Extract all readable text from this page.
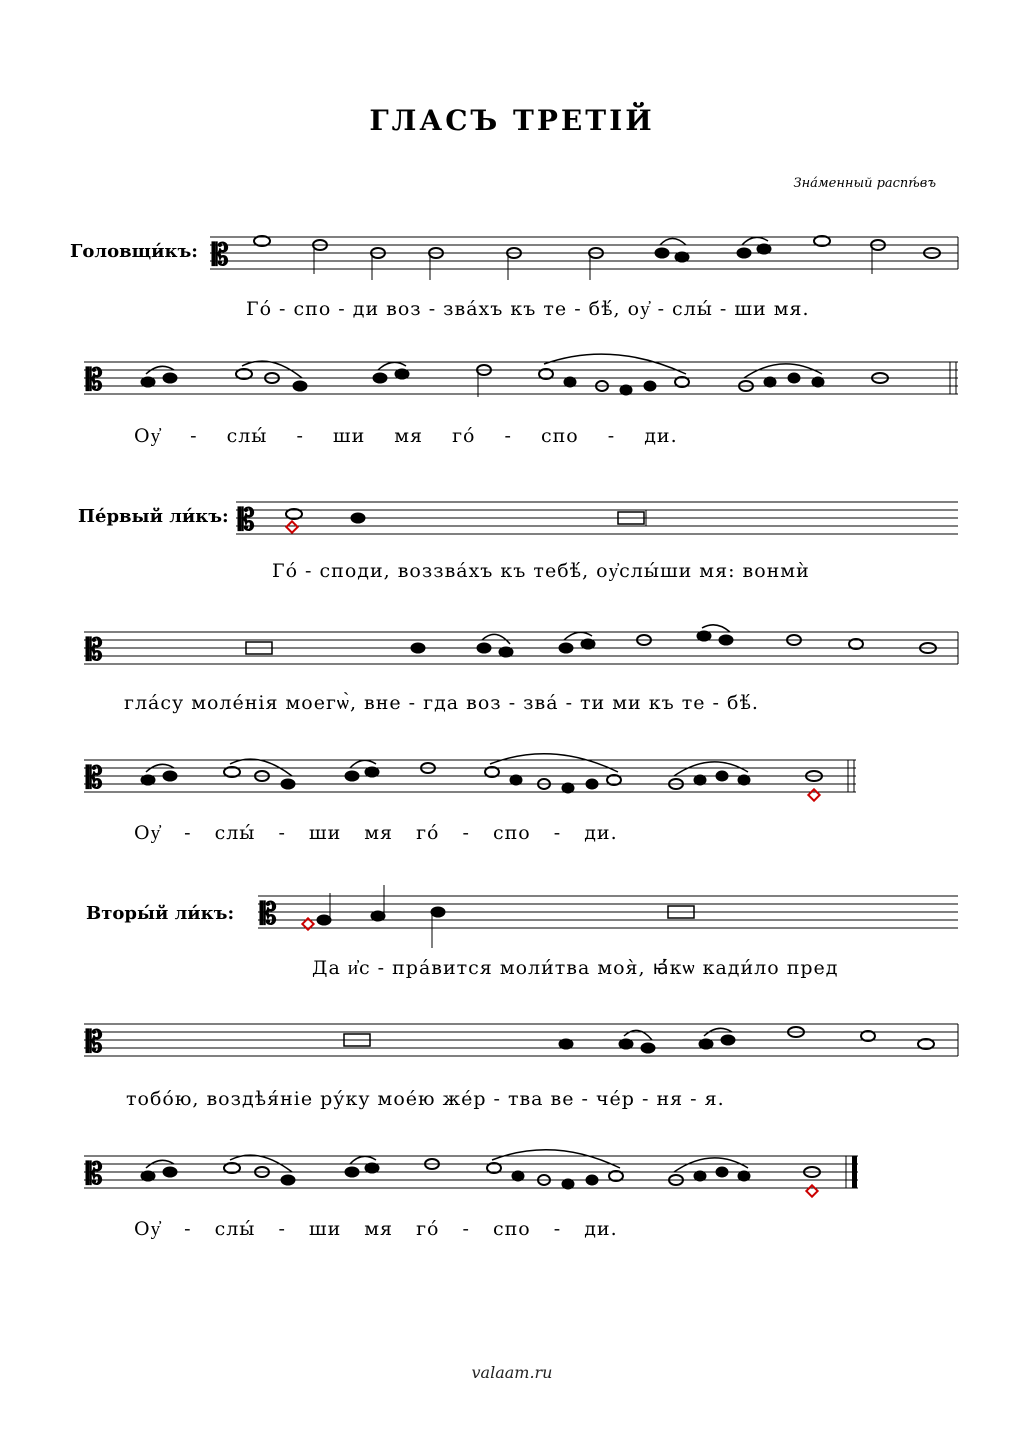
ГЛАСЪ ТРЕТІЙ
Зна́менный распѣ́въ
Головщи́къ:
Пе́рвый ли́къ:
Вторы́й ли́къ:
𝄡
𝄡
𝄡
𝄡
𝄡
𝄡
𝄡
𝄡
Го́ - спо - ди воз - зва́хъ къ те - бѣ́, оу҆ - слы́ - ши мя.
Оу҆ - слы́ - ши мя го́ - спо - ди.
Го́ - споди, воззва́хъ къ тебѣ́, оу҆слы́ши мя: вонмѝ
гла́су моле́нія моегѡ̀, вне - гда воз - зва́ - ти ми къ те - бѣ́.
Оу҆ - слы́ - ши мя го́ - спо - ди.
Да и҆с - пра́вится моли́тва моя̀, ꙗ҆́кѡ кади́ло пред
тобо́ю, воздѣя́ніе ру́ку мое́ю же́р - тва ве - че́р - ня - я.
Оу҆ - слы́ - ши мя го́ - спо - ди.
valaam.ru
